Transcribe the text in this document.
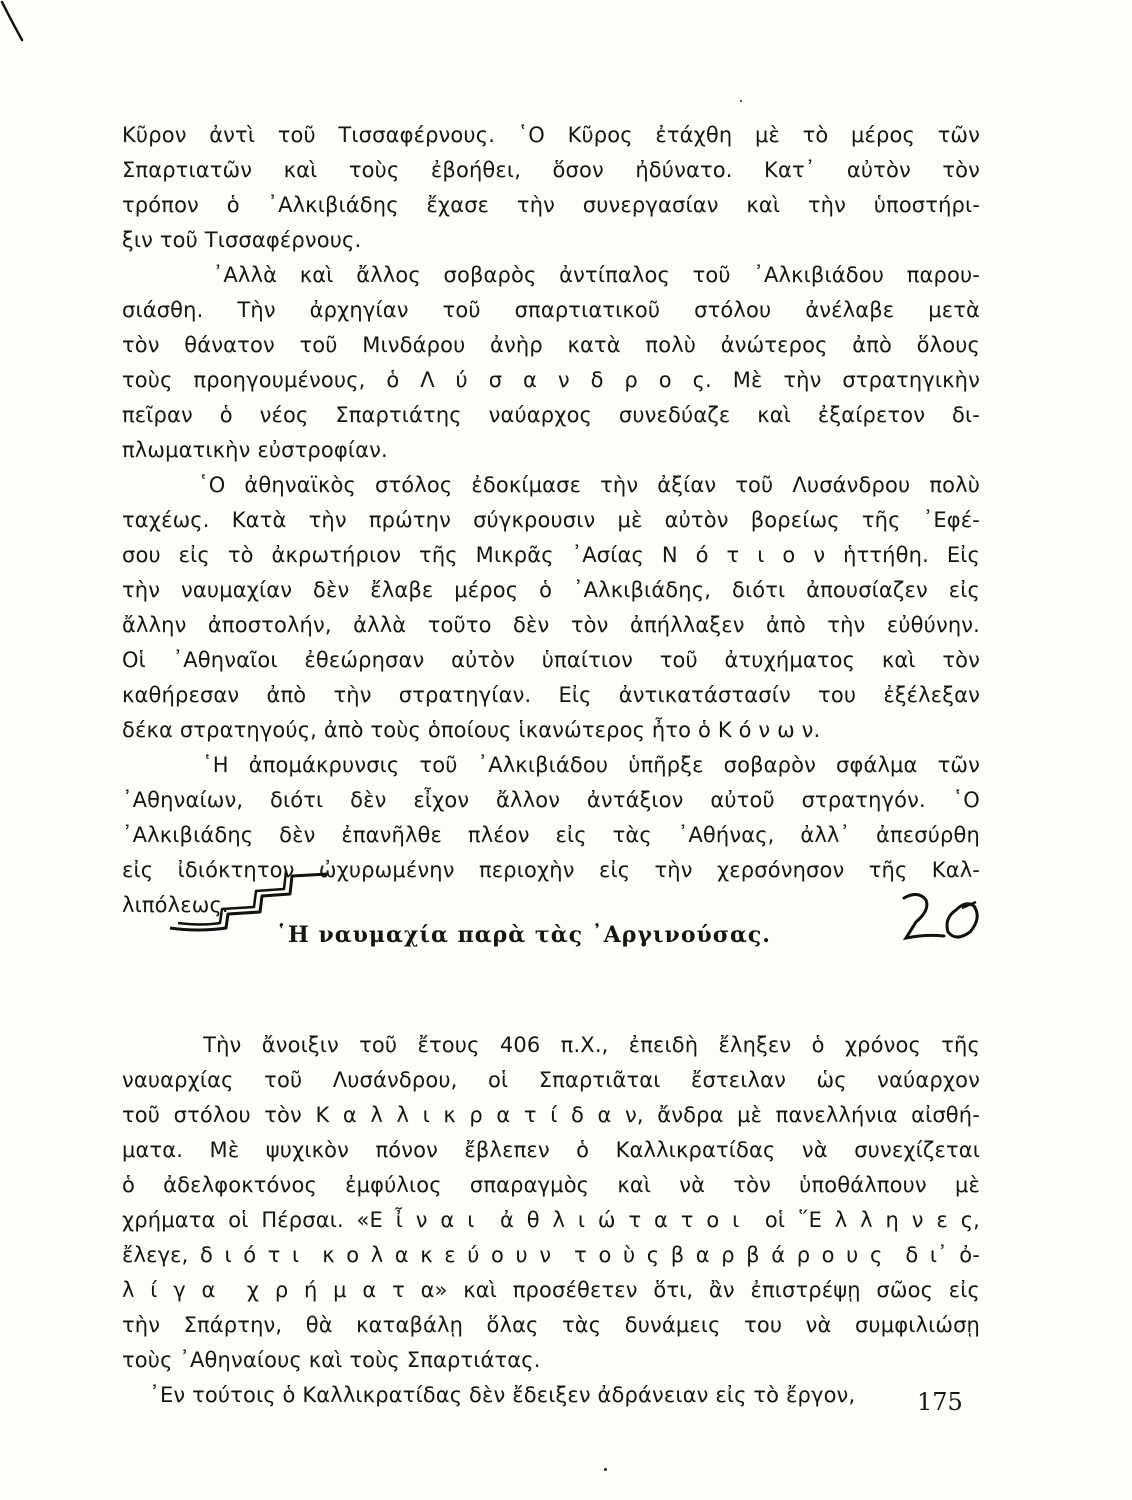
Κῦρον ἀντὶ τοῦ Τισσαφέρνους. ῾Ο Κῦρος ἐτάχθη μὲ τὸ μέρος τῶν
Σπαρτιατῶν καὶ τοὺς ἐβοήθει, ὅσον ἠδύνατο. Κατ᾽ αὐτὸν τὸν
τρόπον ὁ ᾽Αλκιβιάδης ἔχασε τὴν συνεργασίαν καὶ τὴν ὑποστήρι-
ξιν τοῦ Τισσαφέρνους.
᾽Αλλὰ καὶ ἄλλος σοβαρὸς ἀντίπαλος τοῦ ᾽Αλκιβιάδου παρου-
σιάσθη. Τὴν ἀρχηγίαν τοῦ σπαρτιατικοῦ στόλου ἀνέλαβε μετὰ
τὸν θάνατον τοῦ Μινδάρου ἀνὴρ κατὰ πολὺ ἀνώτερος ἀπὸ ὅλους
τοὺς προηγουμένους, ὁ Λ ύ σ α ν δ ρ ο ς. Μὲ τὴν στρατηγικὴν
πεῖραν ὁ νέος Σπαρτιάτης ναύαρχος συνεδύαζε καὶ ἐξαίρετον δι-
πλωματικὴν εὐστροφίαν.
῾Ο ἀθηναϊκὸς στόλος ἐδοκίμασε τὴν ἀξίαν τοῦ Λυσάνδρου πολὺ
ταχέως. Κατὰ τὴν πρώτην σύγκρουσιν μὲ αὐτὸν βορείως τῆς ᾽Εφέ-
σου εἰς τὸ ἀκρωτήριον τῆς Μικρᾶς ᾽Ασίας Ν ό τ ι ο ν ἡττήθη. Εἰς
τὴν ναυμαχίαν δὲν ἔλαβε μέρος ὁ ᾽Αλκιβιάδης, διότι ἀπουσίαζεν εἰς
ἄλλην ἀποστολήν, ἀλλὰ τοῦτο δὲν τὸν ἀπήλλαξεν ἀπὸ τὴν εὐθύνην.
Οἱ ᾽Αθηναῖοι ἐθεώρησαν αὐτὸν ὑπαίτιον τοῦ ἀτυχήματος καὶ τὸν
καθήρεσαν ἀπὸ τὴν στρατηγίαν. Εἰς ἀντικατάστασίν του ἐξέλεξαν
δέκα στρατηγούς, ἀπὸ τοὺς ὁποίους ἱκανώτερος ἦτο ὁ Κ ό ν ω ν.
῾Η ἀπομάκρυνσις τοῦ ᾽Αλκιβιάδου ὑπῆρξε σοβαρὸν σφάλμα τῶν
᾽Αθηναίων, διότι δὲν εἶχον ἄλλον ἀντάξιον αὐτοῦ στρατηγόν. ῾Ο
᾽Αλκιβιάδης δὲν ἐπανῆλθε πλέον εἰς τὰς ᾽Αθήνας, ἀλλ᾽ ἀπεσύρθη
εἰς ἰδιόκτητον ὠχυρωμένην περιοχὴν εἰς τὴν χερσόνησον τῆς Καλ-
λιπόλεως.
῾Η ναυμαχία παρὰ τὰς ᾽Αργινούσας.
Τὴν ἄνοιξιν τοῦ ἔτους 406 π.Χ., ἐπειδὴ ἔληξεν ὁ χρόνος τῆς
ναυαρχίας τοῦ Λυσάνδρου, οἱ Σπαρτιᾶται ἔστειλαν ὡς ναύαρχον
τοῦ στόλου τὸν Κ α λ λ ι κ ρ α τ ί δ α ν, ἄνδρα μὲ πανελλήνια αἰσθή-
ματα. Μὲ ψυχικὸν πόνον ἔβλεπεν ὁ Καλλικρατίδας νὰ συνεχίζεται
ὁ ἀδελφοκτόνος ἐμφύλιος σπαραγμὸς καὶ νὰ τὸν ὑποθάλπουν μὲ
χρήματα οἱ Πέρσαι. «Ε ἶ ν α ι  ἀ θ λ ι ώ τ α τ ο ι  οἱ ῞Ε λ λ η ν ε ς,
ἔλεγε, δ ι ό τ ι  κ ο λ α κ ε ύ ο υ ν  τ ο ὺ ς β α ρ β ά ρ ο υ ς  δ ι᾽ ὀ-
λ ί γ α  χ ρ ή μ α τ α» καὶ προσέθετεν ὅτι, ἂν ἐπιστρέψῃ σῶος εἰς
τὴν Σπάρτην, θὰ καταβάλῃ ὅλας τὰς δυνάμεις του νὰ συμφιλιώσῃ
τοὺς ᾽Αθηναίους καὶ τοὺς Σπαρτιάτας.
᾽Εν τούτοις ὁ Καλλικρατίδας δὲν ἔδειξεν ἀδράνειαν εἰς τὸ ἔργον,	175
